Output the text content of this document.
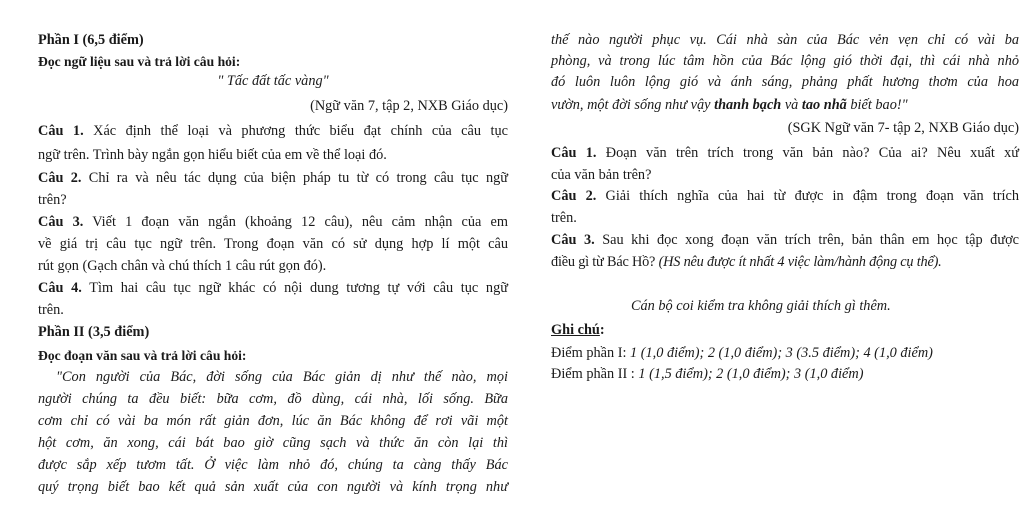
Phần I (6,5 điểm)
Đọc ngữ liệu sau và trả lời câu hỏi:
" Tấc đất tấc vàng"
(Ngữ văn 7, tập 2, NXB Giáo dục)
Câu 1. Xác định thể loại và phương thức biểu đạt chính của câu tục
ngữ trên. Trình bày ngắn gọn hiểu biết của em về thể loại đó.
Câu 2. Chỉ ra và nêu tác dụng của biện pháp tu từ có trong câu tục ngữ
trên?
Câu 3. Viết 1 đoạn văn ngắn (khoảng 12 câu), nêu cảm nhận của em
về giá trị câu tục ngữ trên. Trong đoạn văn có sử dụng hợp lí một câu
rút gọn (Gạch chân và chú thích 1 câu rút gọn đó).
Câu 4. Tìm hai câu tục ngữ khác có nội dung tương tự với câu tục ngữ
trên.
Phần II (3,5 điểm)
Đọc đoạn văn sau và trả lời câu hỏi:
"Con người của Bác, đời sống của Bác giản dị như thế nào, mọi
người chúng ta đều biết: bữa cơm, đồ dùng, cái nhà, lối sống. Bữa
cơm chỉ có vài ba món rất giản đơn, lúc ăn Bác không để rơi vãi một
hột cơm, ăn xong, cái bát bao giờ cũng sạch và thức ăn còn lại thì
được sắp xếp tươm tất. Ở việc làm nhỏ đó, chúng ta càng thấy Bác
quý trọng biết bao kết quả sản xuất của con người và kính trọng như
thế nào người phục vụ. Cái nhà sàn của Bác vẻn vẹn chỉ có vài ba
phòng, và trong lúc tâm hồn của Bác lộng gió thời đại, thì cái nhà nhỏ
đó luôn luôn lộng gió và ánh sáng, phảng phất hương thơm của hoa
vườn, một đời sống như vậy thanh bạch và tao nhã biết bao!"
(SGK Ngữ văn 7- tập 2, NXB Giáo dục)
Câu 1. Đoạn văn trên trích trong văn bản nào? Của ai? Nêu xuất xứ
của văn bản trên?
Câu 2. Giải thích nghĩa của hai từ được in đậm trong đoạn văn trích
trên.
Câu 3. Sau khi đọc xong đoạn văn trích trên, bản thân em học tập được
điều gì từ Bác Hồ? (HS nêu được ít nhất 4 việc làm/hành động cụ thể).
Cán bộ coi kiểm tra không giải thích gì thêm.
Ghi chú:
Điểm phần I: 1 (1,0 điểm); 2 (1,0 điểm); 3 (3.5 điểm); 4 (1,0 điểm)
Điểm phần II : 1 (1,5 điểm); 2 (1,0 điểm); 3 (1,0 điểm)
